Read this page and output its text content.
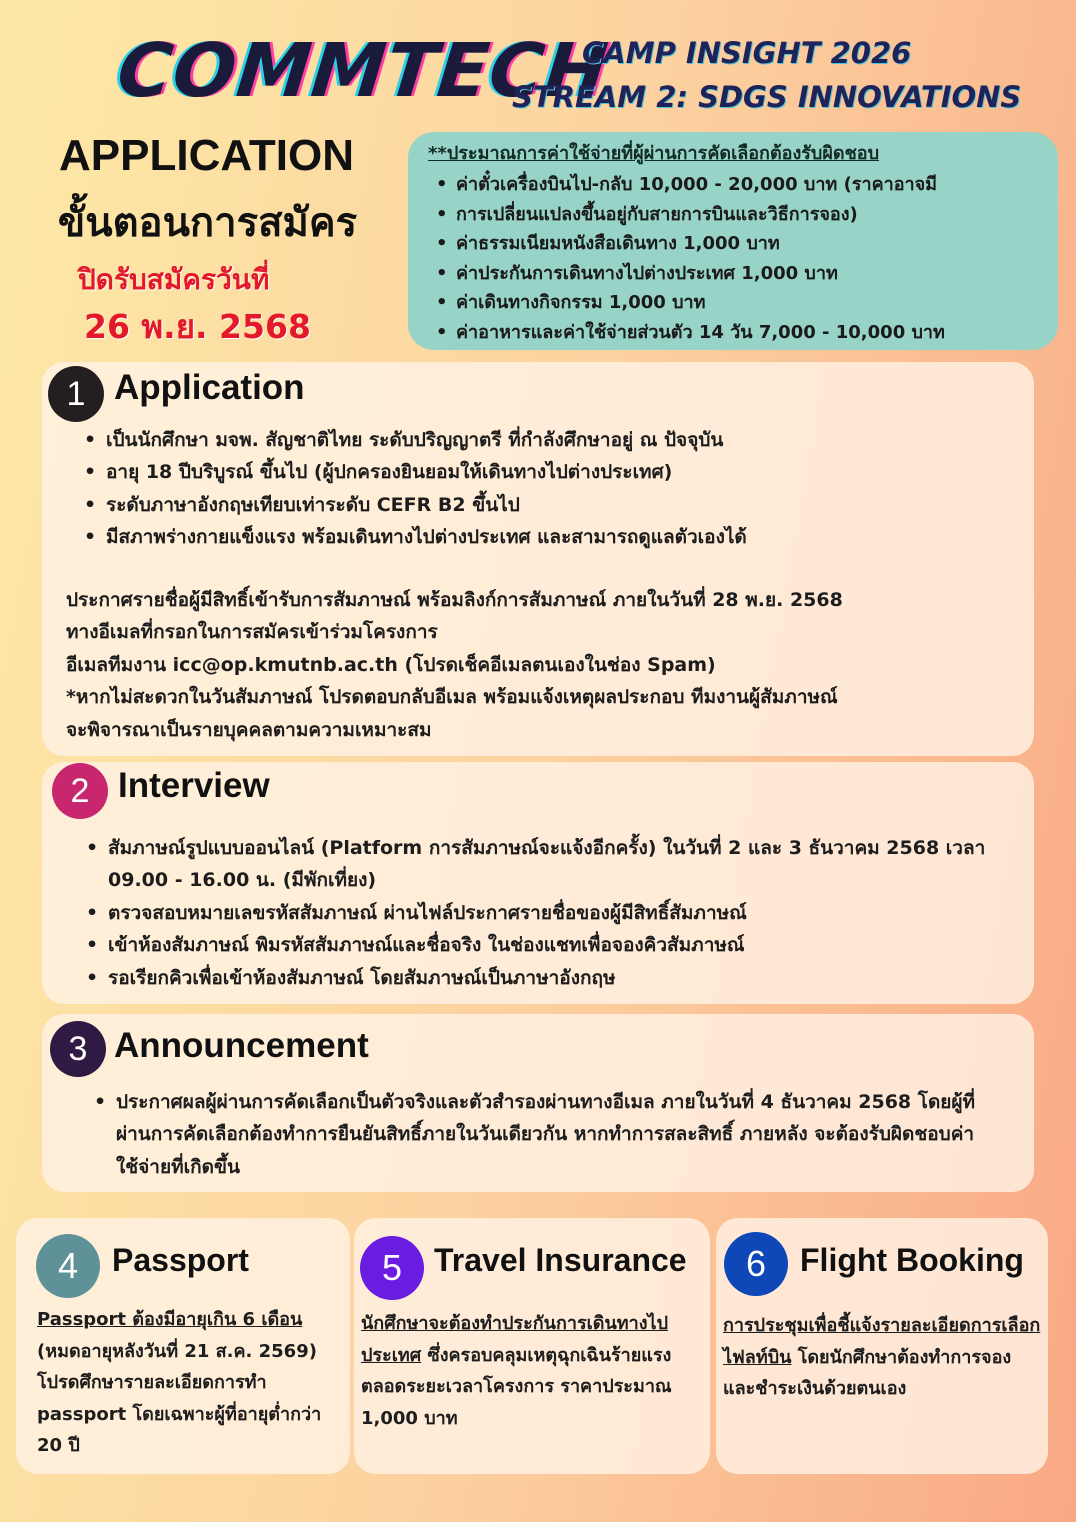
COMMTECH
CAMP INSIGHT 2026
STREAM 2: SDGS INNOVATIONS
APPLICATION
ขั้นตอนการสมัคร
ปิดรับสมัครวันที่
26 พ.ย. 2568
**ประมาณการค่าใช้จ่ายที่ผู้ผ่านการคัดเลือกต้องรับผิดชอบ
• ค่าตั๋วเครื่องบินไป-กลับ 10,000 - 20,000 บาท (ราคาอาจมี
• การเปลี่ยนแปลงขึ้นอยู่กับสายการบินและวิธีการจอง)
• ค่าธรรมเนียมหนังสือเดินทาง 1,000 บาท
• ค่าประกันการเดินทางไปต่างประเทศ 1,000 บาท
• ค่าเดินทางกิจกรรม 1,000 บาท
• ค่าอาหารและค่าใช้จ่ายส่วนตัว 14 วัน 7,000 - 10,000 บาท
1 Application
• เป็นนักศึกษา มจพ. สัญชาติไทย ระดับปริญญาตรี ที่กำลังศึกษาอยู่ ณ ปัจจุบัน
• อายุ 18 ปีบริบูรณ์ ขึ้นไป (ผู้ปกครองยินยอมให้เดินทางไปต่างประเทศ)
• ระดับภาษาอังกฤษเทียบเท่าระดับ CEFR B2 ขึ้นไป
• มีสภาพร่างกายแข็งแรง พร้อมเดินทางไปต่างประเทศ และสามารถดูแลตัวเองได้
ประกาศรายชื่อผู้มีสิทธิ์เข้ารับการสัมภาษณ์ พร้อมลิงก์การสัมภาษณ์ ภายในวันที่ 28 พ.ย. 2568
ทางอีเมลที่กรอกในการสมัครเข้าร่วมโครงการ
อีเมลทีมงาน icc@op.kmutnb.ac.th (โปรดเช็คอีเมลตนเองในช่อง Spam)
*หากไม่สะดวกในวันสัมภาษณ์ โปรดตอบกลับอีเมล พร้อมแจ้งเหตุผลประกอบ ทีมงานผู้สัมภาษณ์
จะพิจารณาเป็นรายบุคคลตามความเหมาะสม
2 Interview
• สัมภาษณ์รูปแบบออนไลน์ (Platform การสัมภาษณ์จะแจ้งอีกครั้ง) ในวันที่ 2 และ 3 ธันวาคม 2568 เวลา 09.00 - 16.00 น. (มีพักเที่ยง)
• ตรวจสอบหมายเลขรหัสสัมภาษณ์ ผ่านไฟล์ประกาศรายชื่อของผู้มีสิทธิ์สัมภาษณ์
• เข้าห้องสัมภาษณ์ พิมรหัสสัมภาษณ์และชื่อจริง ในช่องแชทเพื่อจองคิวสัมภาษณ์
• รอเรียกคิวเพื่อเข้าห้องสัมภาษณ์ โดยสัมภาษณ์เป็นภาษาอังกฤษ
3 Announcement
• ประกาศผลผู้ผ่านการคัดเลือกเป็นตัวจริงและตัวสำรองผ่านทางอีเมล ภายในวันที่ 4 ธันวาคม 2568 โดยผู้ที่ผ่านการคัดเลือกต้องทำการยืนยันสิทธิ์ภายในวันเดียวกัน หากทำการสละสิทธิ์ ภายหลัง จะต้องรับผิดชอบค่าใช้จ่ายที่เกิดขึ้น
4	Passport
Passport ต้องมีอายุเกิน 6 เดือน
(หมดอายุหลังวันที่ 21 ส.ค. 2569) โปรดศึกษารายละเอียดการทำ passport โดยเฉพาะผู้ที่อายุต่ำกว่า 20 ปี
5 Travel Insurance
นักศึกษาจะต้องทำประกันการเดินทางไปประเทศ ซึ่งครอบคลุมเหตุฉุกเฉินร้ายแรงตลอดระยะเวลาโครงการ ราคาประมาณ 1,000 บาท
6	Flight Booking
การประชุมเพื่อชี้แจ้งรายละเอียดการเลือกไฟลท์บิน โดยนักศึกษาต้องทำการจองและชำระเงินด้วยตนเอง
